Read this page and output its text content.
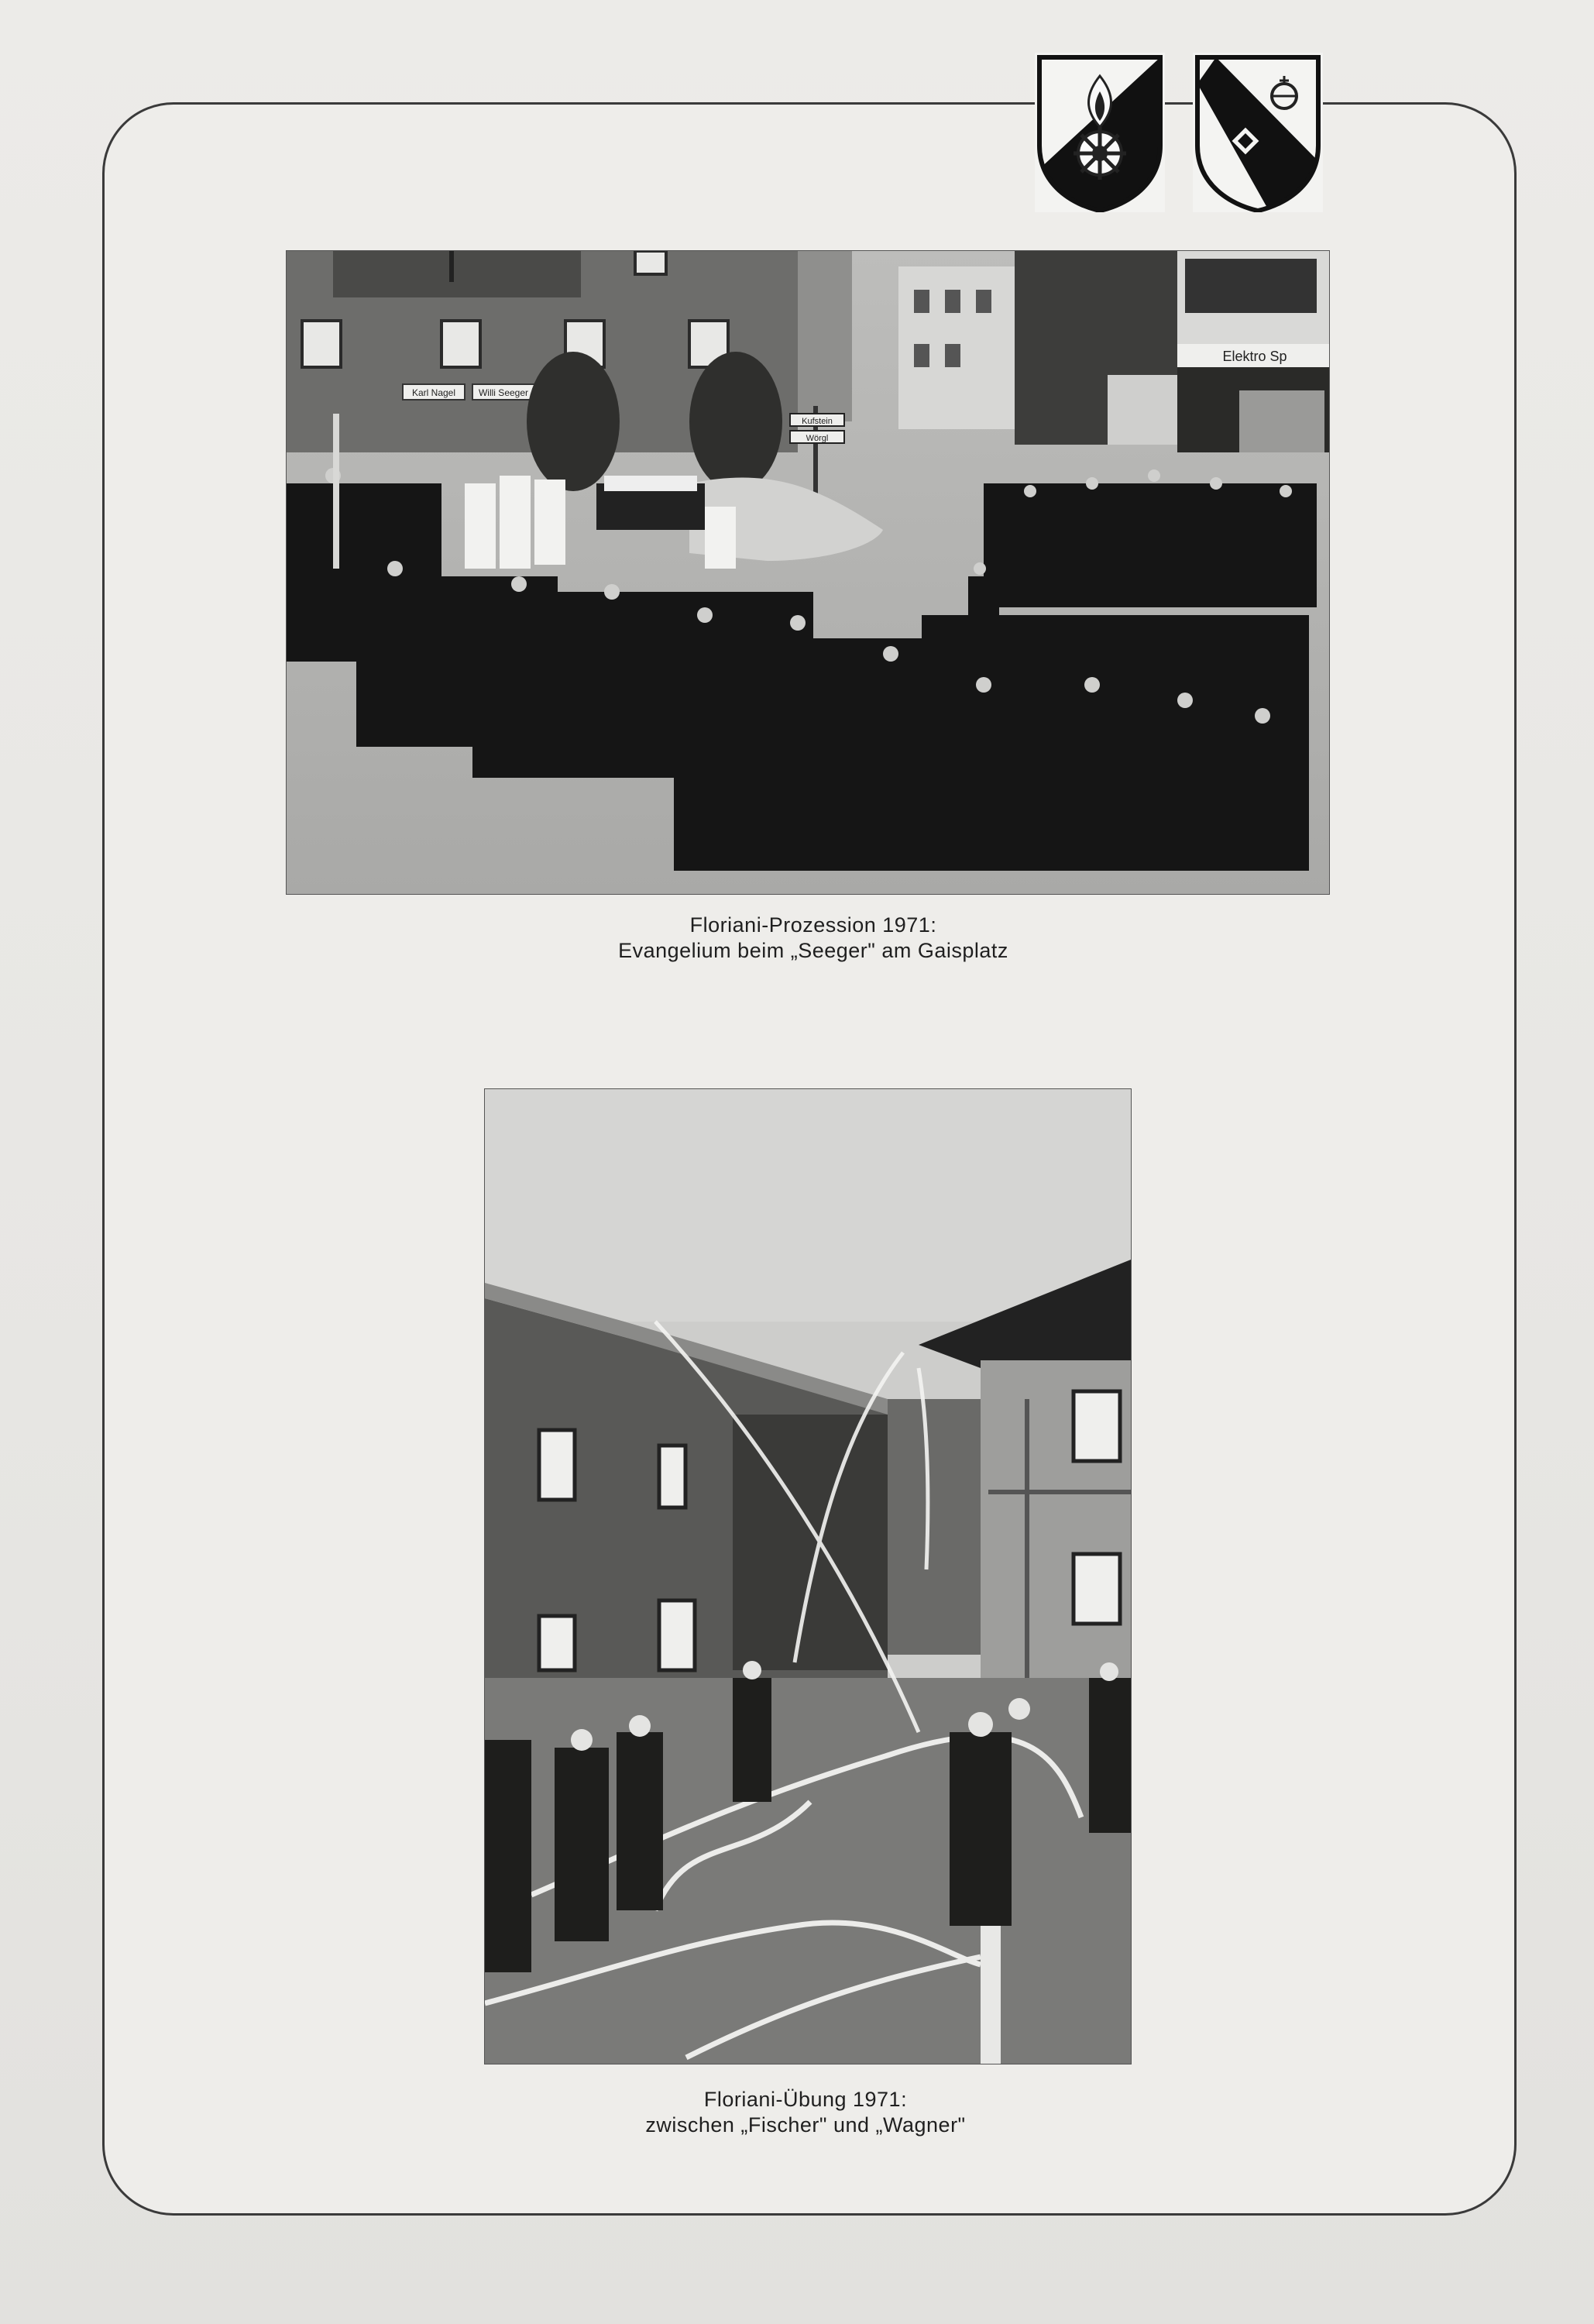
Karl Nagel Willi Seeger
Elektro Sp
Kufstein
Wörgl
Floriani-Prozession 1971:
Evangelium beim „Seeger" am Gaisplatz
Floriani-Übung 1971:
zwischen „Fischer" und „Wagner"
